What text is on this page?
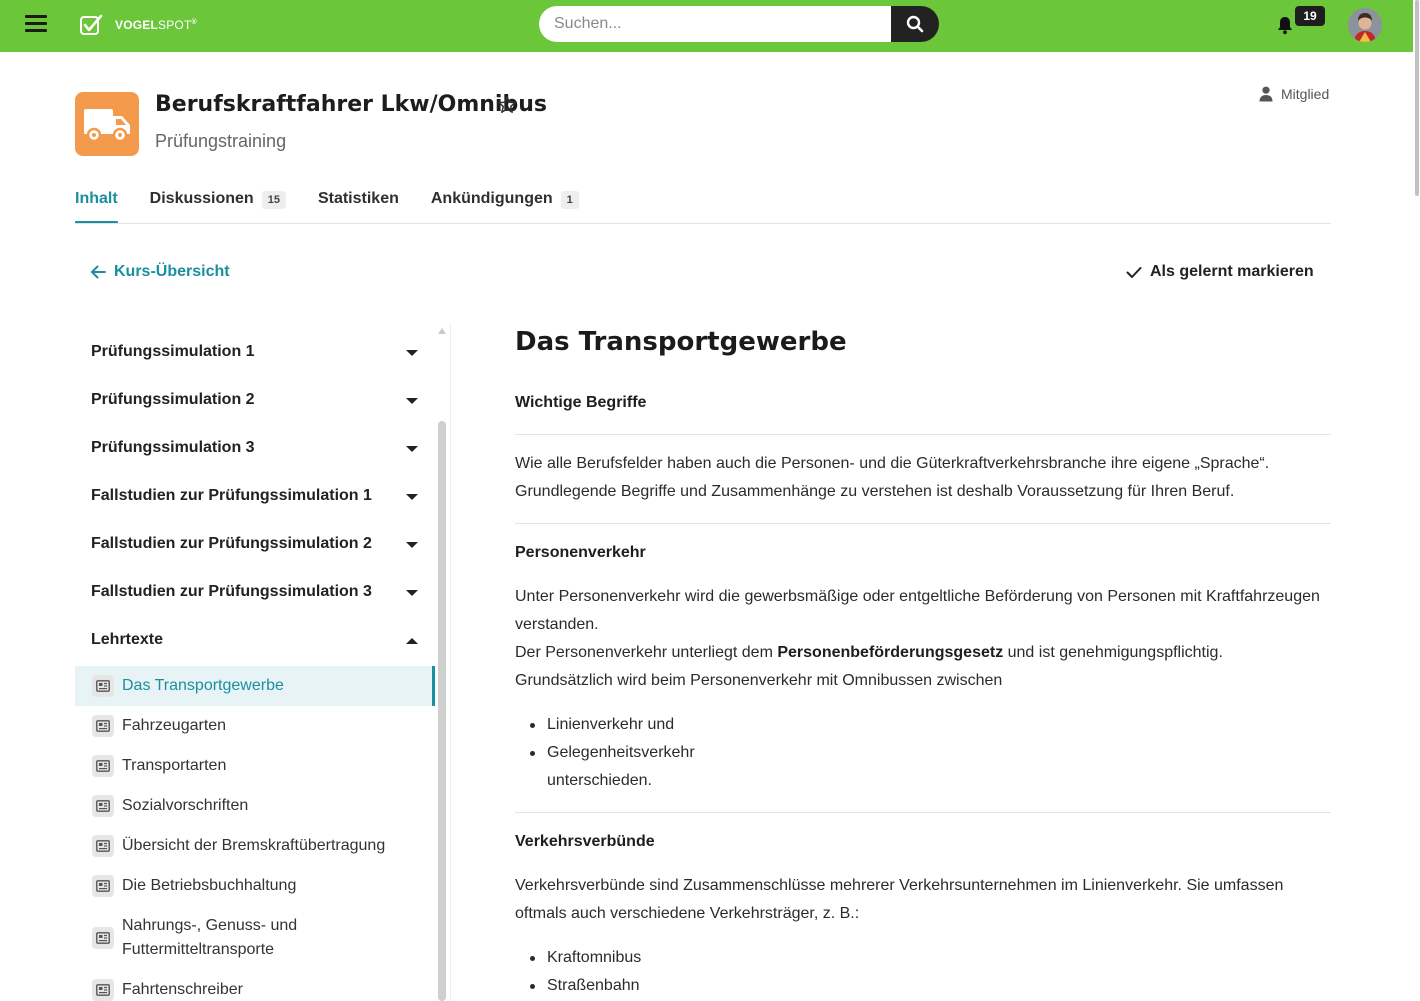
VOGELSPOT®
Suchen...	19
Berufskraftfahrer Lkw/Omnibus
Prüfungstraining
Mitglied
Inhalt Diskussionen	15	Statistiken Ankündigungen	1
Kurs-Übersicht	Als gelernt markieren
Prüfungssimulation 1
Prüfungssimulation 2
Prüfungssimulation 3
Fallstudien zur Prüfungssimulation 1
Fallstudien zur Prüfungssimulation 2
Fallstudien zur Prüfungssimulation 3
Lehrtexte
Das Transportgewerbe
Fahrzeugarten
Transportarten
Sozialvorschriften
Übersicht der Bremskraftübertragung
Die Betriebsbuchhaltung
Nahrungs-, Genuss- und
Futtermitteltransporte
Fahrtenschreiber
Das Transportgewerbe
Wichtige Begriffe
Wie alle Berufsfelder haben auch die Personen- und die Güterkraftverkehrsbranche ihre eigene „Sprache“.
Grundlegende Begriffe und Zusammenhänge zu verstehen ist deshalb Voraussetzung für Ihren Beruf.
Personenverkehr
Unter Personenverkehr wird die gewerbsmäßige oder entgeltliche Beförderung von Personen mit Kraftfahrzeugen verstanden.
Der Personenverkehr unterliegt dem Personenbeförderungsgesetz und ist genehmigungspflichtig.
Grundsätzlich wird beim Personenverkehr mit Omnibussen zwischen
Linienverkehr und
Gelegenheitsverkehr
unterschieden.
Verkehrsverbünde
Verkehrsverbünde sind Zusammenschlüsse mehrerer Verkehrsunternehmen im Linienverkehr. Sie umfassen oftmals auch verschiedene Verkehrsträger, z. B.:
Kraftomnibus
Straßenbahn
